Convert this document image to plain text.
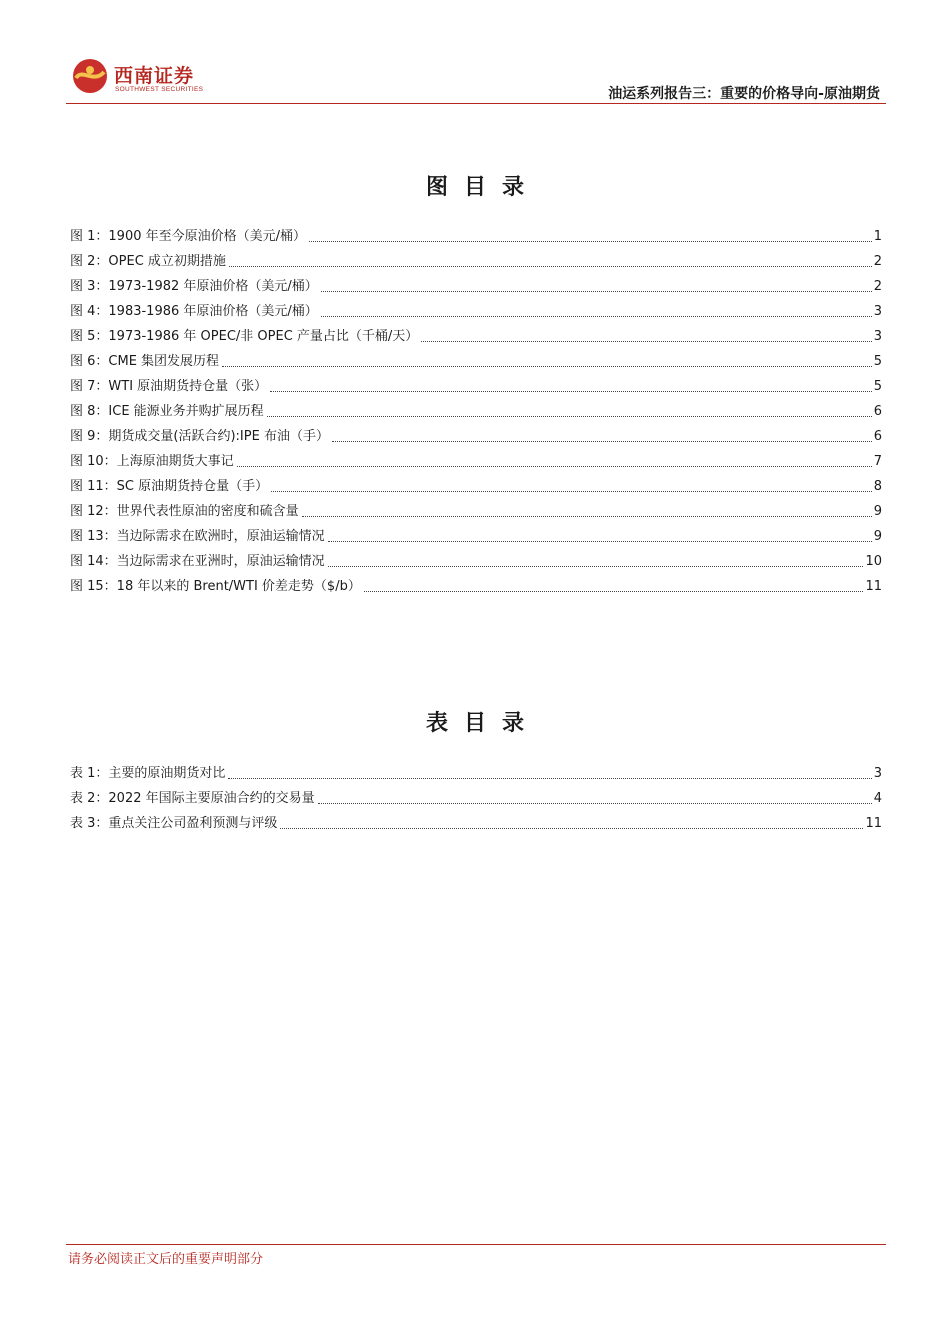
西南证券
SOUTHWEST SECURITIES	油运系列报告三：重要的价格导向-原油期货
图目录
图 1：1900 年至今原油价格（美元/桶）	1
图 2：OPEC 成立初期措施	2
图 3：1973-1982 年原油价格（美元/桶）	2
图 4：1983-1986 年原油价格（美元/桶）	3
图 5：1973-1986 年 OPEC/非 OPEC 产量占比（千桶/天）	3
图 6：CME 集团发展历程	5
图 7：WTI 原油期货持仓量（张）	5
图 8：ICE 能源业务并购扩展历程	6
图 9：期货成交量(活跃合约):IPE 布油（手）	6
图 10：上海原油期货大事记	7
图 11：SC 原油期货持仓量（手）	8
图 12：世界代表性原油的密度和硫含量	9
图 13：当边际需求在欧洲时，原油运输情况	9
图 14：当边际需求在亚洲时，原油运输情况	10
图 15：18 年以来的 Brent/WTI 价差走势（$/b）	11
表目录
表 1：主要的原油期货对比	3
表 2：2022 年国际主要原油合约的交易量	4
表 3：重点关注公司盈利预测与评级	11
请务必阅读正文后的重要声明部分
